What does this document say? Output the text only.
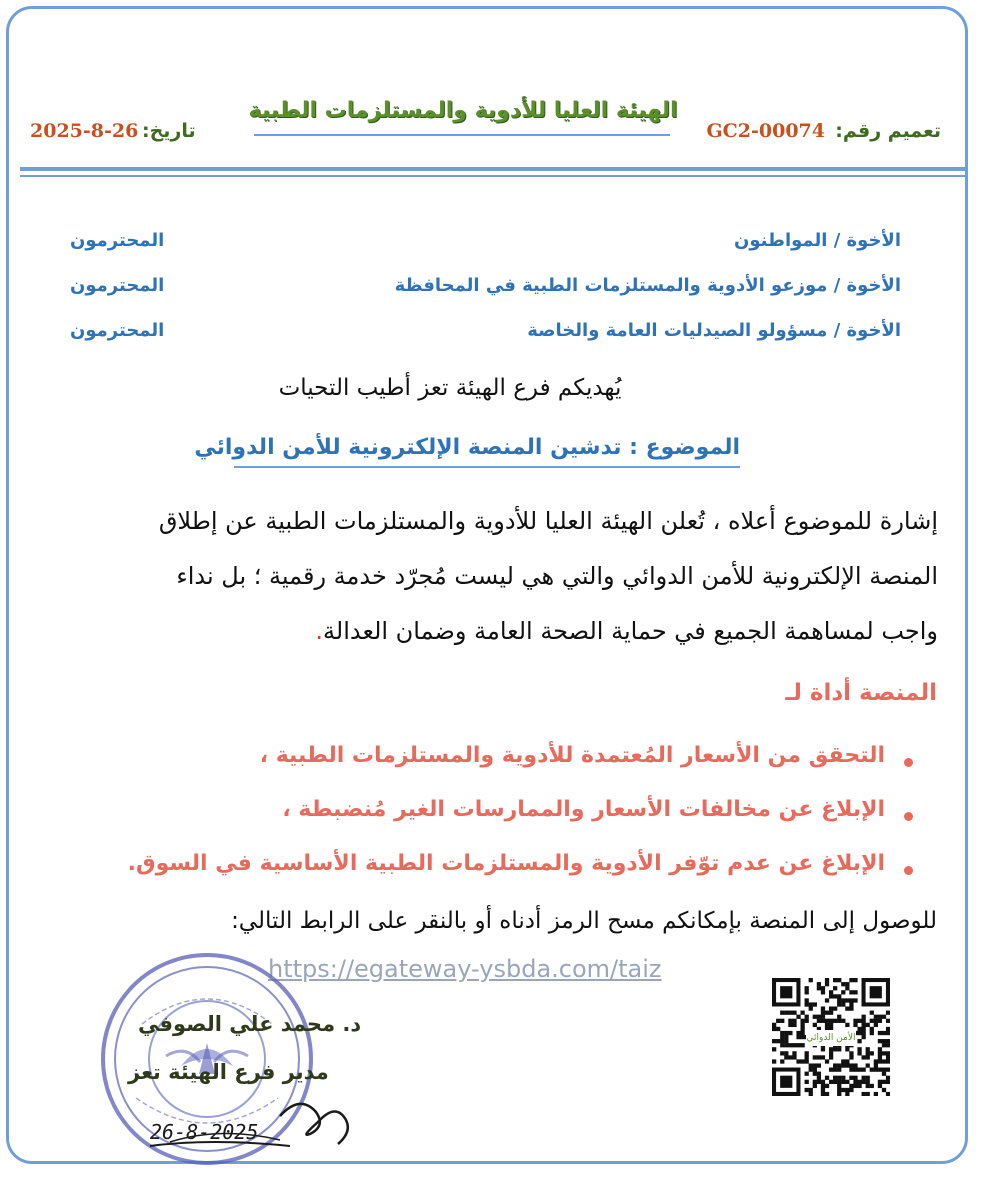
الهيئة العليا للأدوية والمستلزمات الطبية
تعميم رقم:
GC2-00074
تاريخ:
2025-8-26
الأخوة / المواطنون
المحترمون
الأخوة / موزعو الأدوية والمستلزمات الطبية في المحافظة
المحترمون
الأخوة / مسؤولو الصيدليات العامة والخاصة
المحترمون
يُهديكم فرع الهيئة تعز أطيب التحيات
الموضوع : تدشين المنصة الإلكترونية للأمن الدوائي
إشارة للموضوع أعلاه ، تُعلن الهيئة العليا للأدوية والمستلزمات الطبية عن إطلاق
المنصة الإلكترونية للأمن الدوائي والتي هي ليست مُجرّد خدمة رقمية ؛ بل نداء
واجب لمساهمة الجميع في حماية الصحة العامة وضمان العدالة.
المنصة أداة لـ
التحقق من الأسعار المُعتمدة للأدوية والمستلزمات الطبية ،
الإبلاغ عن مخالفات الأسعار والممارسات الغير مُنضبطة ،
الإبلاغ عن عدم توّفر الأدوية والمستلزمات الطبية الأساسية في السوق.
للوصول إلى المنصة بإمكانكم مسح الرمز أدناه أو بالنقر على الرابط التالي:
https://egateway-ysbda.com/taiz
د. محمد علي الصوفي
مدير فرع الهيئة تعز
26-8-2025
الأمن الدوائي
